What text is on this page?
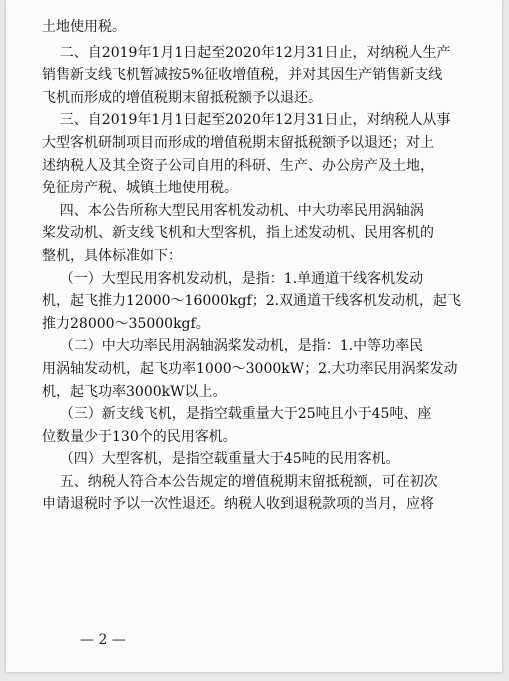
土地使用税。
二、自2019年1月1日起至2020年12月31日止，对纳税人生产
销售新支线飞机暂减按5%征收增值税，并对其因生产销售新支线
飞机而形成的增值税期末留抵税额予以退还。
三、自2019年1月1日起至2020年12月31日止，对纳税人从事
大型客机研制项目而形成的增值税期末留抵税额予以退还；对上
述纳税人及其全资子公司自用的科研、生产、办公房产及土地，
免征房产税、城镇土地使用税。
四、本公告所称大型民用客机发动机、中大功率民用涡轴涡
桨发动机、新支线飞机和大型客机，指上述发动机、民用客机的
整机，具体标准如下：
（一）大型民用客机发动机，是指：1.单通道干线客机发动
机，起飞推力12000～16000kgf；2.双通道干线客机发动机，起飞
推力28000～35000kgf。
（二）中大功率民用涡轴涡桨发动机，是指：1.中等功率民
用涡轴发动机，起飞功率1000～3000kW；2.大功率民用涡桨发动
机，起飞功率3000kW以上。
（三）新支线飞机，是指空载重量大于25吨且小于45吨、座
位数量少于130个的民用客机。
（四）大型客机，是指空载重量大于45吨的民用客机。
五、纳税人符合本公告规定的增值税期末留抵税额，可在初次
申请退税时予以一次性退还。纳税人收到退税款项的当月，应将
— 2 —
